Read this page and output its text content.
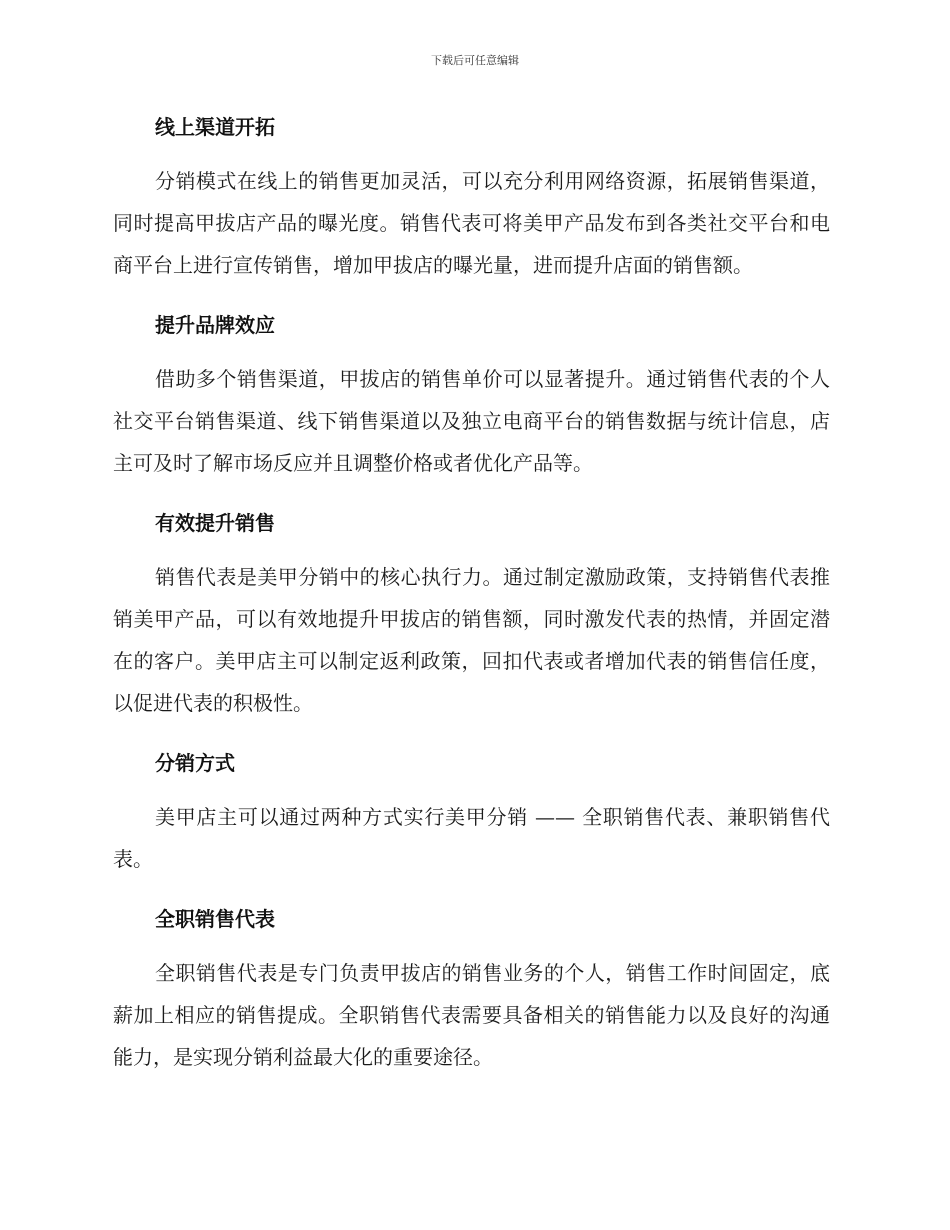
下载后可任意编辑
线上渠道开拓

分销模式在线上的销售更加灵活，可以充分利用网络资源，拓展销售渠道，同时提高甲拔店产品的曝光度。销售代表可将美甲产品发布到各类社交平台和电商平台上进行宣传销售，增加甲拔店的曝光量，进而提升店面的销售额。

提升品牌效应

借助多个销售渠道，甲拔店的销售单价可以显著提升。通过销售代表的个人社交平台销售渠道、线下销售渠道以及独立电商平台的销售数据与统计信息，店主可及时了解市场反应并且调整价格或者优化产品等。

有效提升销售

销售代表是美甲分销中的核心执行力。通过制定激励政策，支持销售代表推销美甲产品，可以有效地提升甲拔店的销售额，同时激发代表的热情，并固定潜在的客户。美甲店主可以制定返利政策，回扣代表或者增加代表的销售信任度，以促进代表的积极性。

分销方式

美甲店主可以通过两种方式实行美甲分销 —— 全职销售代表、兼职销售代表。

全职销售代表

全职销售代表是专门负责甲拔店的销售业务的个人，销售工作时间固定，底薪加上相应的销售提成。全职销售代表需要具备相关的销售能力以及良好的沟通能力，是实现分销利益最大化的重要途径。
